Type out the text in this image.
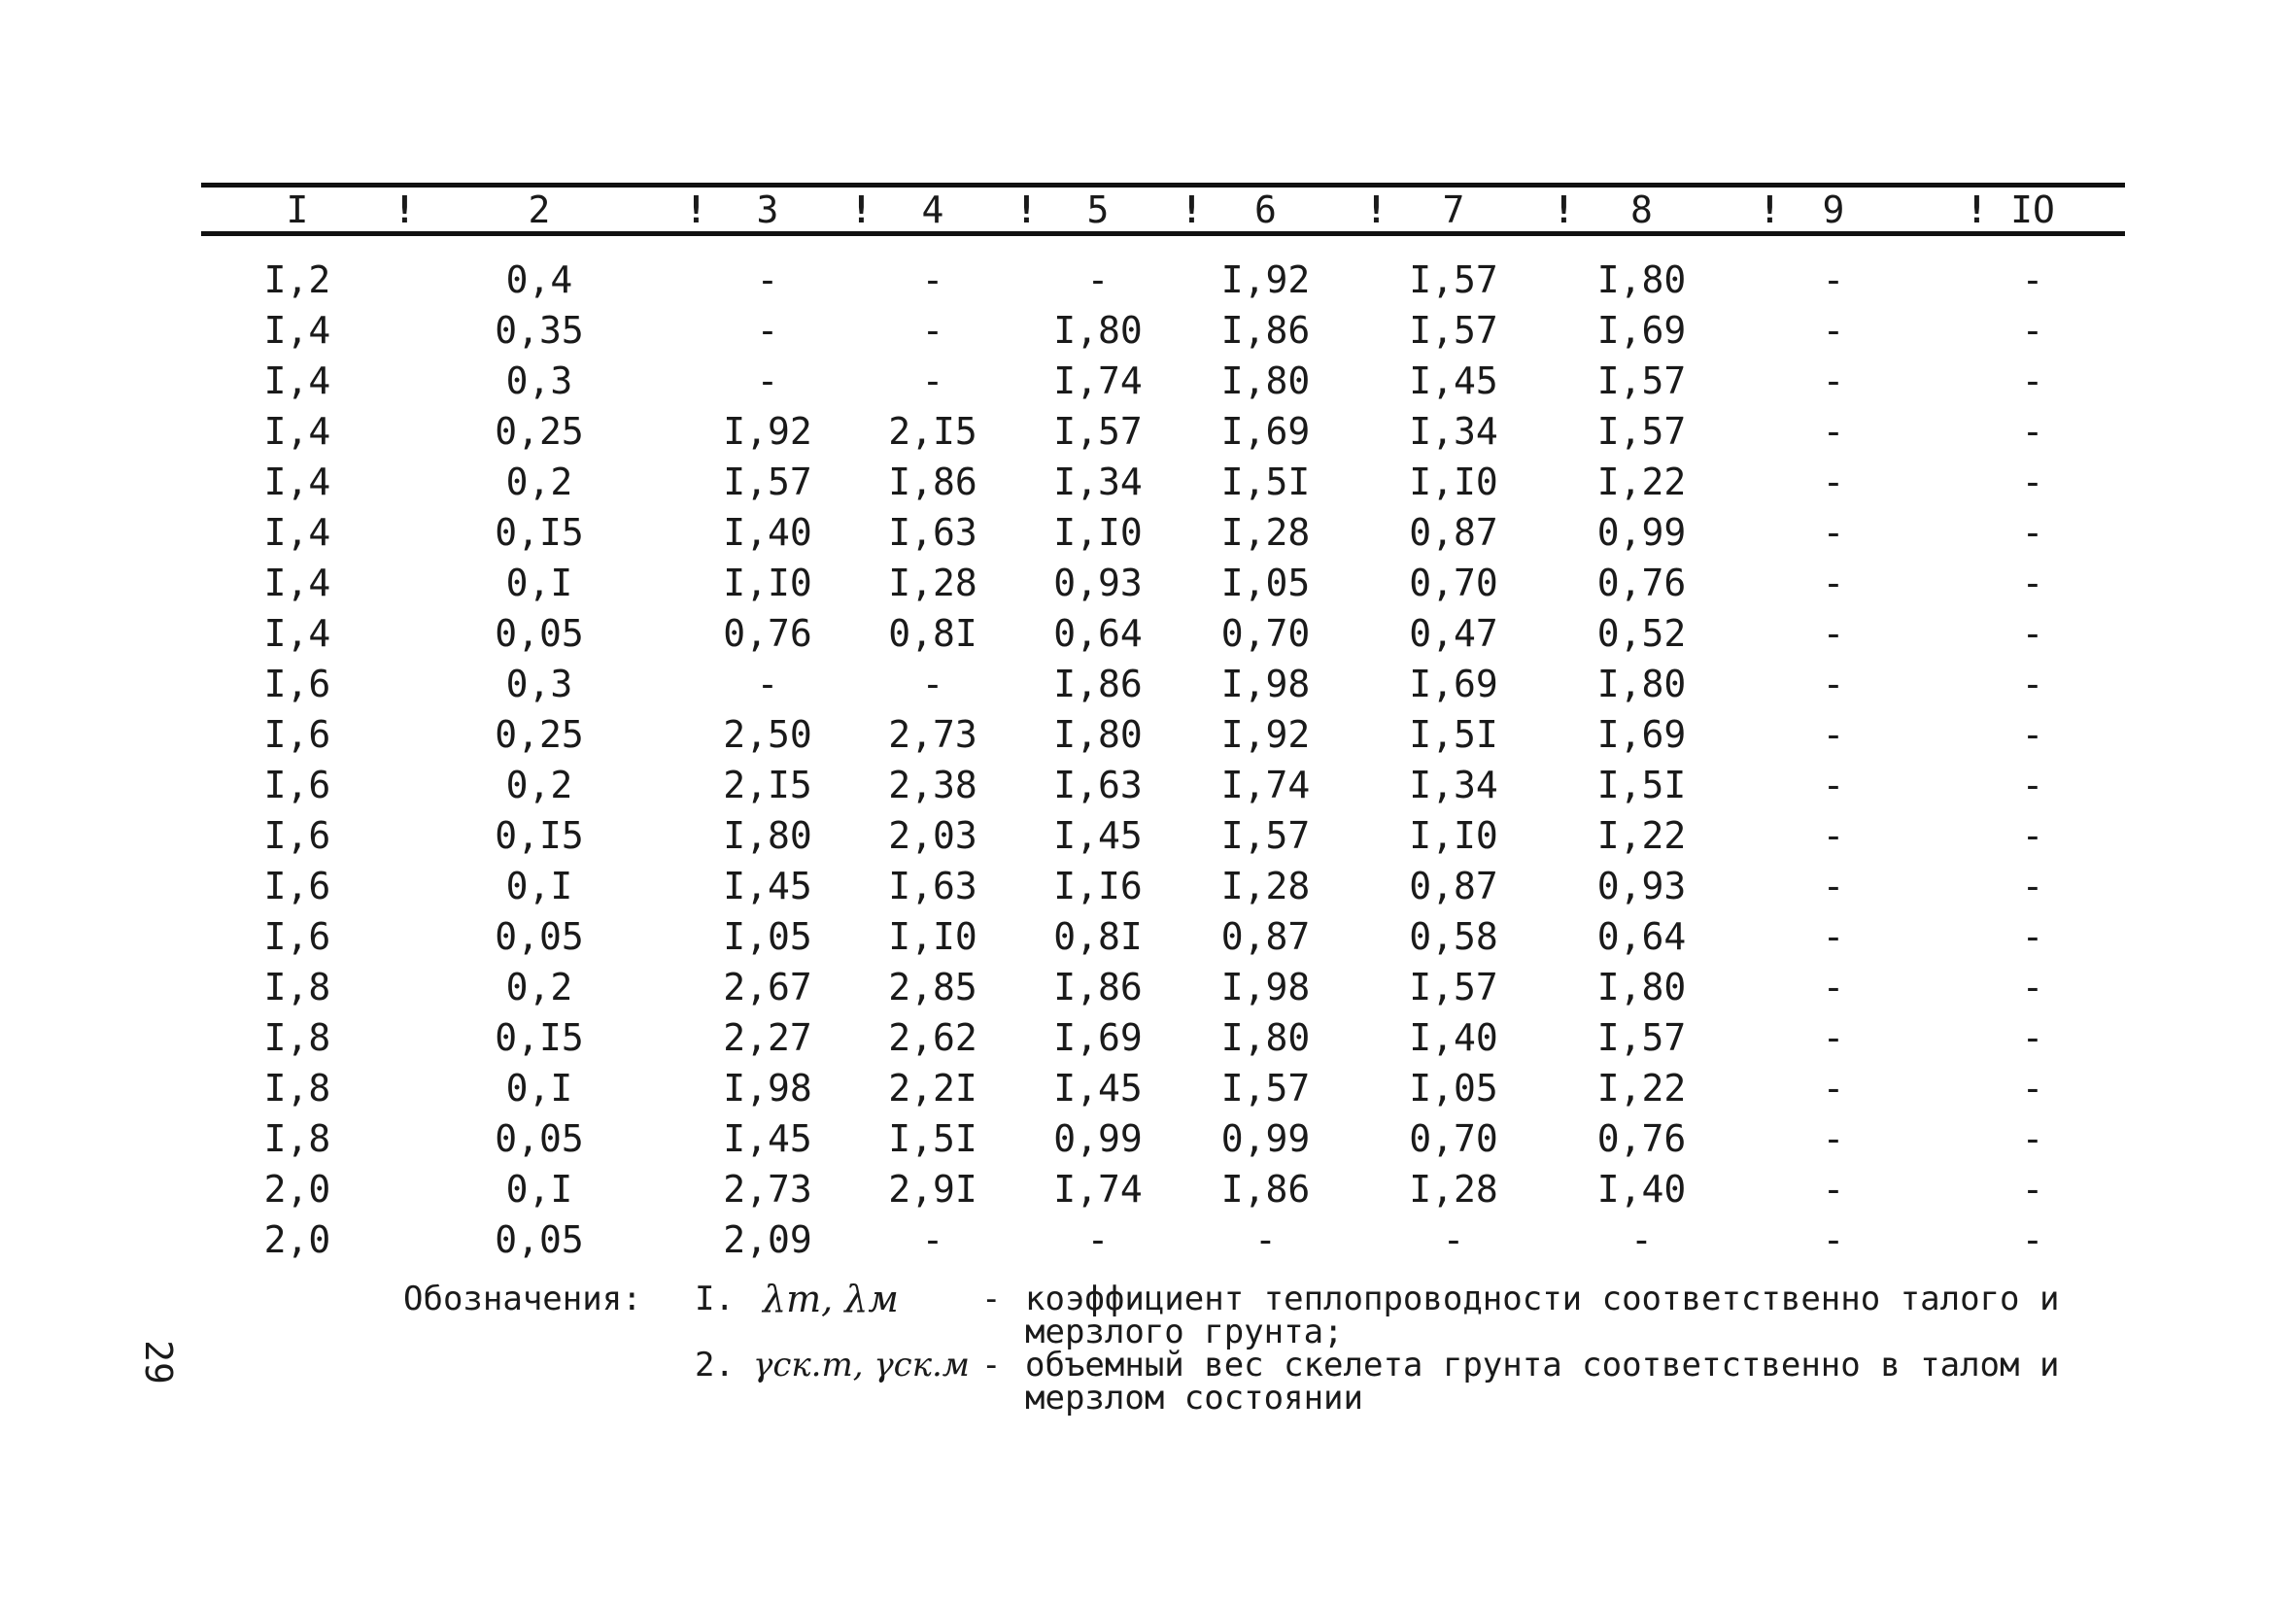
I	2	3	4	5	6	7	8	9	IO
!	!	!	!	!	!	!	!	!
I,2	0,4	-	-	-	I,92	I,57	I,80	-	-
I,4	0,35	-	-	I,80	I,86	I,57	I,69	-	-
I,4	0,3	-	-	I,74	I,80	I,45	I,57	-	-
I,4	0,25	I,92	2,I5	I,57	I,69	I,34	I,57	-	-
I,4	0,2	I,57	I,86	I,34	I,5I	I,I0	I,22	-	-
I,4	0,I5	I,40	I,63	I,I0	I,28	0,87	0,99	-	-
I,4	0,I	I,I0	I,28	0,93	I,05	0,70	0,76	-	-
I,4	0,05	0,76	0,8I	0,64	0,70	0,47	0,52	-	-
I,6	0,3	-	-	I,86	I,98	I,69	I,80	-	-
I,6	0,25	2,50	2,73	I,80	I,92	I,5I	I,69	-	-
I,6	0,2	2,I5	2,38	I,63	I,74	I,34	I,5I	-	-
I,6	0,I5	I,80	2,03	I,45	I,57	I,I0	I,22	-	-
I,6	0,I	I,45	I,63	I,I6	I,28	0,87	0,93	-	-
I,6	0,05	I,05	I,I0	0,8I	0,87	0,58	0,64	-	-
I,8	0,2	2,67	2,85	I,86	I,98	I,57	I,80	-	-
I,8	0,I5	2,27	2,62	I,69	I,80	I,40	I,57	-	-
I,8	0,I	I,98	2,2I	I,45	I,57	I,05	I,22	-	-
I,8	0,05	I,45	I,5I	0,99	0,99	0,70	0,76	-	-
2,0	0,I	2,73	2,9I	I,74	I,86	I,28	I,40	-	-
2,0	0,05	2,09	-	-	-	-	-	-	-
Обозначения: I. λт, λм	- коэффициент теплопроводности соответственно талого и
мерзлого грунта;
2. γск.т, γск.м - объемный вес скелета грунта соответственно в талом и
мерзлом состоянии
29
